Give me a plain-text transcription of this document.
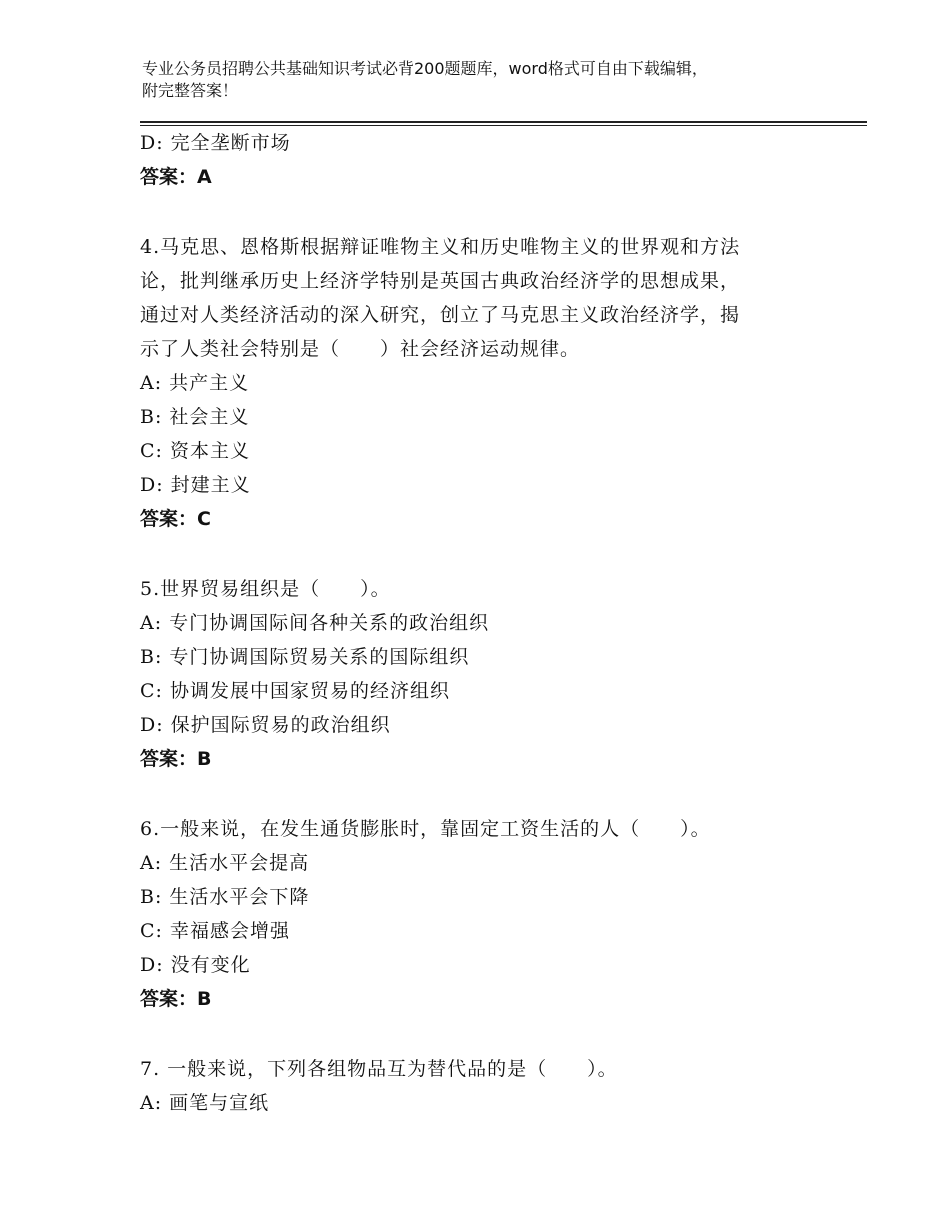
专业公务员招聘公共基础知识考试必背200题题库，word格式可自由下载编辑，
附完整答案！
D: 完全垄断市场
答案：A
4.马克思、恩格斯根据辩证唯物主义和历史唯物主义的世界观和方法
论，批判继承历史上经济学特别是英国古典政治经济学的思想成果，
通过对人类经济活动的深入研究，创立了马克思主义政治经济学，揭
示了人类社会特别是（　　）社会经济运动规律。
A: 共产主义
B: 社会主义
C: 资本主义
D: 封建主义
答案：C
5.世界贸易组织是（　　）。
A: 专门协调国际间各种关系的政治组织
B: 专门协调国际贸易关系的国际组织
C: 协调发展中国家贸易的经济组织
D: 保护国际贸易的政治组织
答案：B
6.一般来说，在发生通货膨胀时，靠固定工资生活的人（　　）。
A: 生活水平会提高
B: 生活水平会下降
C: 幸福感会增强
D: 没有变化
答案：B
7. 一般来说，下列各组物品互为替代品的是（　　）。
A: 画笔与宣纸
